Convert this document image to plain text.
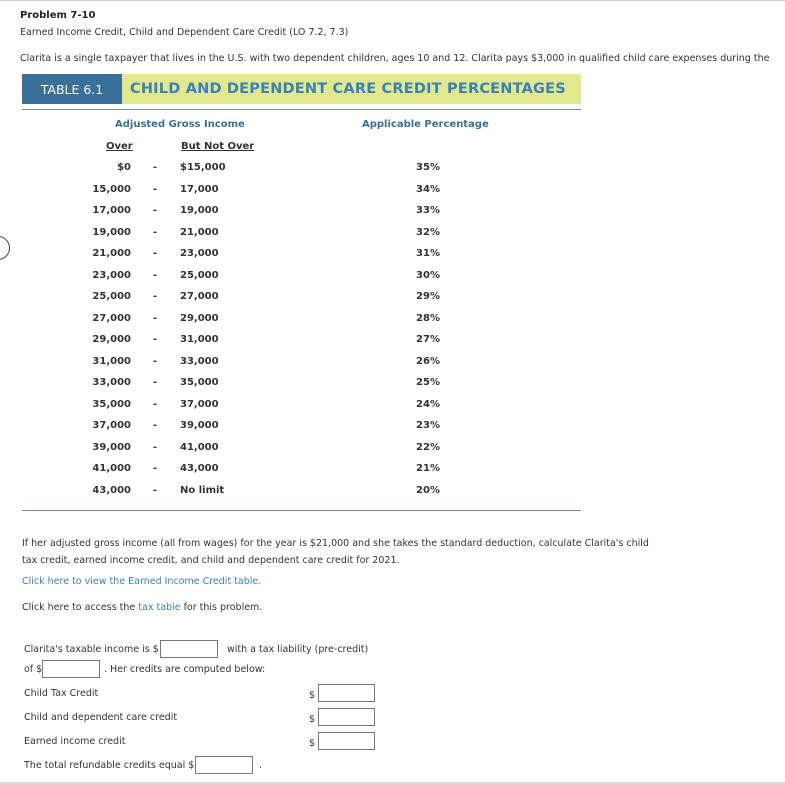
Problem 7-10
Earned Income Credit, Child and Dependent Care Credit (LO 7.2, 7.3)
Clarita is a single taxpayer that lives in the U.S. with two dependent children, ages 10 and 12. Clarita pays $3,000 in qualified child care expenses during the
TABLE 6.1	CHILD AND DEPENDENT CARE CREDIT PERCENTAGES
Adjusted Gross Income	Applicable Percentage
Over	But Not Over
$0 - $15,000	35%
15,000 - 17,000	34%
17,000 - 19,000	33%
19,000 - 21,000	32%
21,000 - 23,000	31%
23,000 - 25,000	30%
25,000 - 27,000	29%
27,000 - 29,000	28%
29,000 - 31,000	27%
31,000 - 33,000	26%
33,000 - 35,000	25%
35,000 - 37,000	24%
37,000 - 39,000	23%
39,000 - 41,000	22%
41,000 - 43,000	21%
43,000 - No limit	20%
If her adjusted gross income (all from wages) for the year is $21,000 and she takes the standard deduction, calculate Clarita's child tax credit, earned income credit, and child and dependent care credit for 2021.
Click here to view the Earned Income Credit table.
Click here to access the tax table for this problem.
Clarita's taxable income is $	with a tax liability (pre-credit)
of $	. Her credits are computed below:
Child Tax Credit	$
Child and dependent care credit	$
Earned income credit	$
The total refundable credits equal $	.
